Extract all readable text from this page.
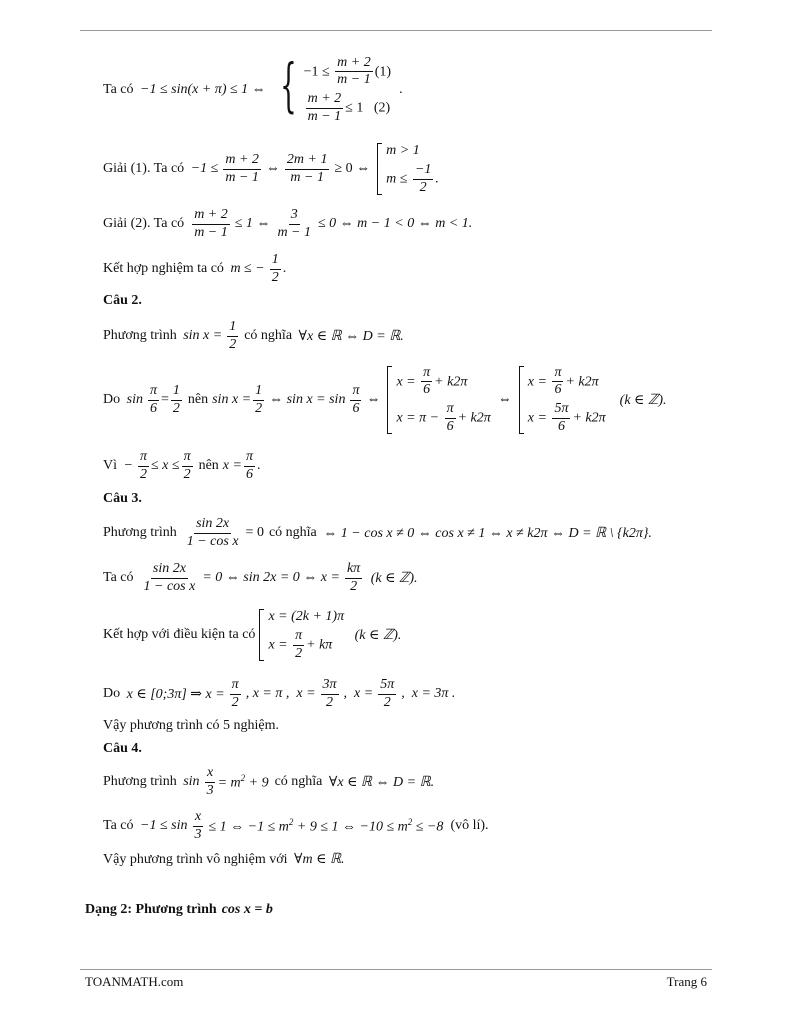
Ta có −1 ≤ sin(x + π) ≤ 1 ⇔ { $-1 \le \frac{m + 2}{m - 1} (1)$
$\frac{m + 2}{m - 1} \le 1$   (2)
.
Giải (1) . Ta có $-1 \le \frac{m + 2}{m - 1}$ ⇔ $\frac{2m + 1}{m - 1} \ge 0$ ⇔
m > 1
$m \le \frac{-1}{2}$ .
Giải (2) . Ta có $\frac{m + 2}{m - 1} \le 1$ ⇔ $\frac{3}{m - 1} \le 0$ ⇔ m − 1 < 0 ⇔ m < 1.
Kết hợp nghiệm ta có m ≤ − $\frac{1}{2}$ .
Câu 2.
Phương trình $\sin x = \frac{1}{2}$ có nghĩa ∀x ∈ ℝ ⇔ D = ℝ.
Do $\sin \frac{\pi}{6} = \frac{1}{2}$ nên $\sin x = \frac{1}{2}$ ⇔ $\sin x = \sin \frac{\pi}{6}$ ⇔
$x = \frac{\pi}{6} + k2\pi$
$x = \pi - \frac{\pi}{6} + k2\pi$
⇔
$x = \frac{\pi}{6} + k2\pi$
$x = \frac{5\pi}{6} + k2\pi$
(k ∈ ℤ).
Vì − $\frac{\pi}{2} \le x \le \frac{\pi}{2}$ nên $x = \frac{\pi}{6}$ .
Câu 3.
Phương trình $\frac{\sin 2x}{\text{1 − cos x}} = 0$ có nghĩa ⇔ 1 − cos x ≠ 0 ⇔ cos x ≠ 1 ⇔ x ≠ k2π ⇔ D = ℝ \ {k2π}.
Ta có $\frac{\sin 2x}{\text{1 − cos x}} = 0$ ⇔ sin 2x = 0 ⇔ $x = \frac{k\pi}{2} (k$ ∈ ℤ).
Kết hợp với điều kiện ta có
x = (2k + 1)π
$x = \frac{\pi}{2} + k\pi$
(k ∈ ℤ).
Do x ∈ [0;3π] ⇒ $x = \frac{\pi}{2}$ , x = π ,  $x = \frac{3\pi}{2}$ ,  $x = \frac{5\pi}{2}$ ,  x = 3π .
Vậy phương trình có 5 nghiệm.
Câu 4.
Phương trình $\sin \frac{x}{3} = m^2 + 9$ có nghĩa ∀x ∈ ℝ ⇔ D = ℝ.
Ta có $-1 \le \sin \frac{x}{3} \le 1$ ⇔ $-1 \le m^2 + 9 \le 1$ ⇔ $-10 \le m^2 \le -8$ (vô lí).
Vậy phương trình vô nghiệm với ∀m ∈ ℝ.
Dạng 2: Phương trình cos x = b
TOANMATH.com	Trang 6
